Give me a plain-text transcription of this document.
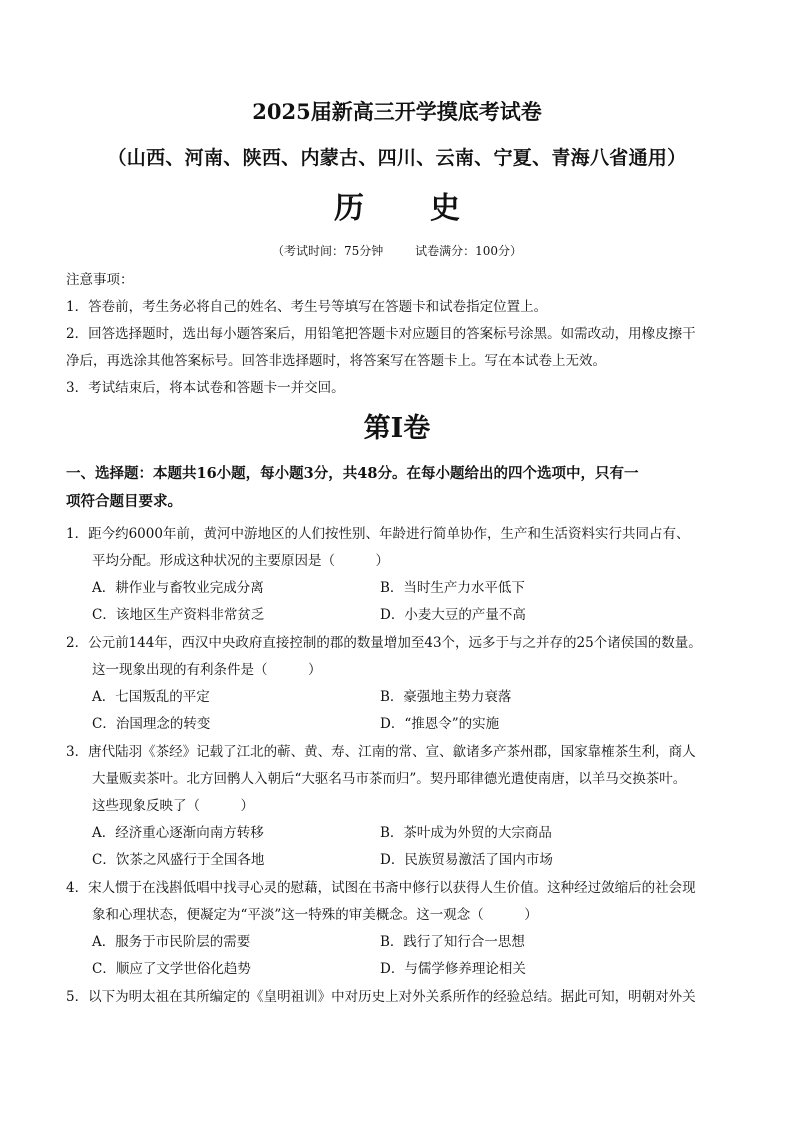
2025届新高三开学摸底考试卷
（山西、河南、陕西、内蒙古、四川、云南、宁夏、青海八省通用）
历　史
（考试时间：75分钟	试卷满分：100分）
注意事项：
1．答卷前，考生务必将自己的姓名、考生号等填写在答题卡和试卷指定位置上。
2．回答选择题时，选出每小题答案后，用铅笔把答题卡对应题目的答案标号涂黑。如需改动，用橡皮擦干
净后，再选涂其他答案标号。回答非选择题时，将答案写在答题卡上。写在本试卷上无效。
3．考试结束后，将本试卷和答题卡一并交回。
第Ⅰ卷
一、选择题：本题共16小题，每小题3分，共48分。在每小题给出的四个选项中，只有一
项符合题目要求。
1．距今约6000年前，黄河中游地区的人们按性别、年龄进行简单协作，生产和生活资料实行共同占有、
平均分配。形成这种状况的主要原因是（　　　）
A．耕作业与畜牧业完成分离	B．当时生产力水平低下
C．该地区生产资料非常贫乏	D．小麦大豆的产量不高
2．公元前144年，西汉中央政府直接控制的郡的数量增加至43个，远多于与之并存的25个诸侯国的数量。
这一现象出现的有利条件是（　　　）
A．七国叛乱的平定	B．豪强地主势力衰落
C．治国理念的转变	D．“推恩令”的实施
3．唐代陆羽《茶经》记载了江北的蕲、黄、寿、江南的常、宣、歙诸多产茶州郡，国家靠榷茶生利，商人
大量贩卖茶叶。北方回鹘人入朝后“大驱名马市茶而归”。契丹耶律德光遣使南唐，以羊马交换茶叶。
这些现象反映了（　　　）
A．经济重心逐渐向南方转移	B．茶叶成为外贸的大宗商品
C．饮茶之风盛行于全国各地	D．民族贸易激活了国内市场
4．宋人惯于在浅斟低唱中找寻心灵的慰藉，试图在书斋中修行以获得人生价值。这种经过敛缩后的社会现
象和心理状态，便凝定为“平淡”这一特殊的审美概念。这一观念（　　　）
A．服务于市民阶层的需要	B．践行了知行合一思想
C．顺应了文学世俗化趋势	D．与儒学修养理论相关
5．以下为明太祖在其所编定的《皇明祖训》中对历史上对外关系所作的经验总结。据此可知，明朝对外关
